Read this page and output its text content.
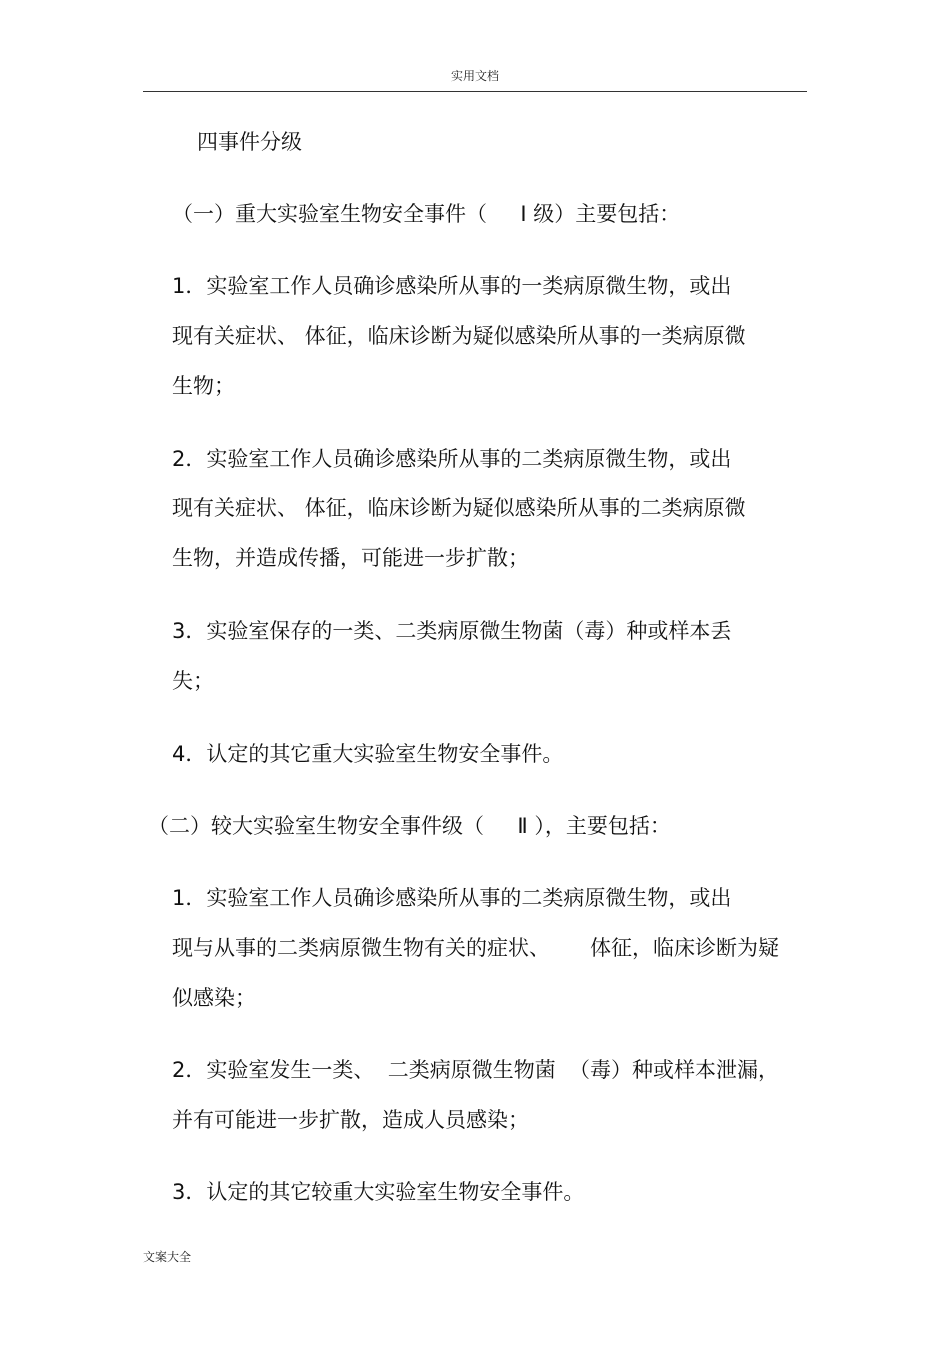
实用文档
四事件分级
（一）重大实验室生物安全事件（     Ⅰ 级）主要包括：
1．实验室工作人员确诊感染所从事的一类病原微生物，或出
现有关症状、 体征，临床诊断为疑似感染所从事的一类病原微
生物；
2．实验室工作人员确诊感染所从事的二类病原微生物，或出
现有关症状、 体征，临床诊断为疑似感染所从事的二类病原微
生物，并造成传播，可能进一步扩散；
3．实验室保存的一类、二类病原微生物菌（毒）种或样本丢
失；
4．认定的其它重大实验室生物安全事件。
（二）较大实验室生物安全事件级（     Ⅱ ），主要包括：
1．实验室工作人员确诊感染所从事的二类病原微生物，或出
现与从事的二类病原微生物有关的症状、      体征，临床诊断为疑
似感染；
2．实验室发生一类、  二类病原微生物菌  （毒）种或样本泄漏，
并有可能进一步扩散，造成人员感染；
3．认定的其它较重大实验室生物安全事件。
文案大全
